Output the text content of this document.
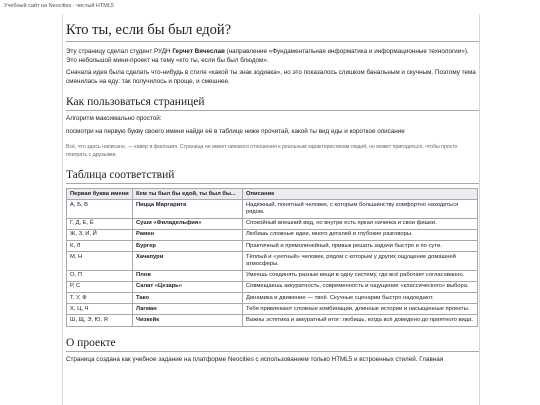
Учебный сайт на Neocities · чистый HTML5
Кто ты, если бы был едой?

Эту страницу сделал студент РУДН Герчет Вячеслав (направление «Фундаментальная информатика и информационные технологии»). Это небольшой мини-проект на тему «кто ты, если бы был блюдом».

Сначала идея была сделать что-нибудь в стиле «какой ты знак зодиака», но это показалось слишком банальным и скучным. Поэтому тема сменилась на еду: так получилось и проще, и смешнее.

Как пользоваться страницей

Алгоритм максимально простой:

посмотри на первую букву своего имени найди её в таблице ниже прочитай, какой ты вид еды и короткое описание

Всё, что здесь написано, — кавер и фантазия. Страница не имеет никакого отношения к реальным характеристикам людей, но может пригодиться, чтобы просто поиграть с друзьями.

Таблица соответствий
Первая буква имени	Кем ты был бы едой, ты был бы...	Описание
А, Б, В	Пицца Маргарита	Надёжный, понятный человек, с которым большинству комфортно находиться рядом.
Г, Д, Е, Ё	Суши «Филадельфия»	Спокойный внешний вид, но внутри есть яркая начинка и свои фишки.
Ж, З, И, Й	Рамен	Любишь сложные идеи, много деталей и глубокие разговоры.
К, Л	Бургер	Практичный и прямолинейный, привык решать задачи быстро и по сути.
М, Н	Хачапури	Тёплый и «уютный» человек, рядом с которым у других ощущение домашней атмосферы.
О, П	Плов	Умеешь соединять разные вещи в одну систему, где всё работает согласованно.
Р, С	Салат «Цезарь»	Совмещаешь аккуратность, современность и ощущение «классического» выбора.
Т, У, Ф	Тако	Динамика и движение — твоё. Скучные сценарии быстро надоедают.
Х, Ц, Ч	Лагман	Тебя привлекают сложные комбинации, длинные истории и насыщенные проекты.
Ш, Щ, Э, Ю, Я	Чизкейк	Важны эстетика и аккуратный итог: любишь, когда всё доведено до приятного вида.
О проекте

Страница создана как учебное задание на платформе Neocities с использованием только HTML5 и встроенных стилей. Главная
